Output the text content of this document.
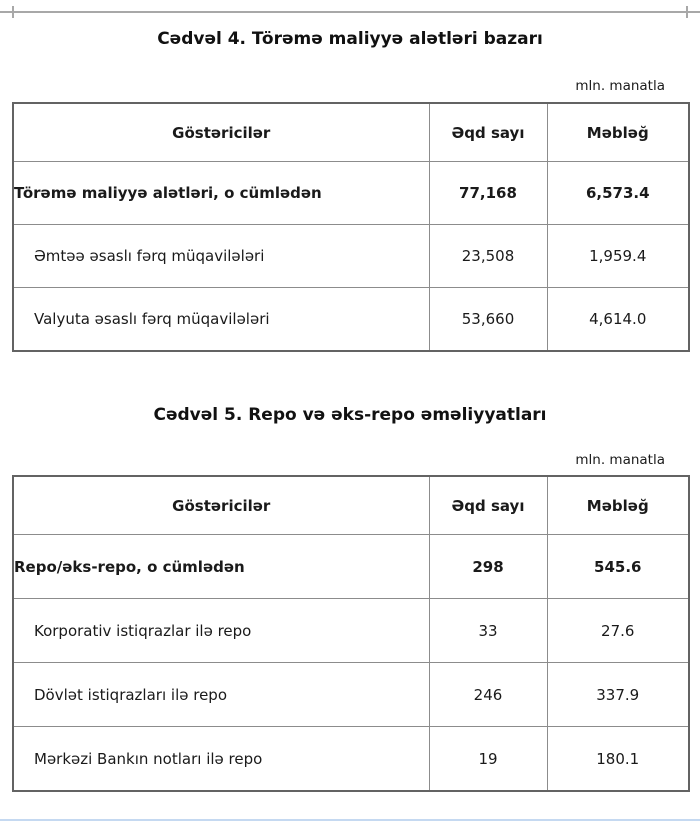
Cədvəl 4. Törəmə maliyyə alətləri bazarı
mln. manatla
Göstəricilər	Əqd sayı	Məbləğ
Törəmə maliyyə alətləri, o cümlədən	77,168	6,573.4
Əmtəə əsaslı fərq müqavilələri	23,508	1,959.4
Valyuta əsaslı fərq müqavilələri	53,660	4,614.0
Cədvəl 5. Repo və əks-repo əməliyyatları
mln. manatla
Göstəricilər	Əqd sayı	Məbləğ
Repo/əks-repo, o cümlədən	298	545.6
Korporativ istiqrazlar ilə repo	33	27.6
Dövlət istiqrazları ilə repo	246	337.9
Mərkəzi Bankın notları ilə repo	19	180.1
